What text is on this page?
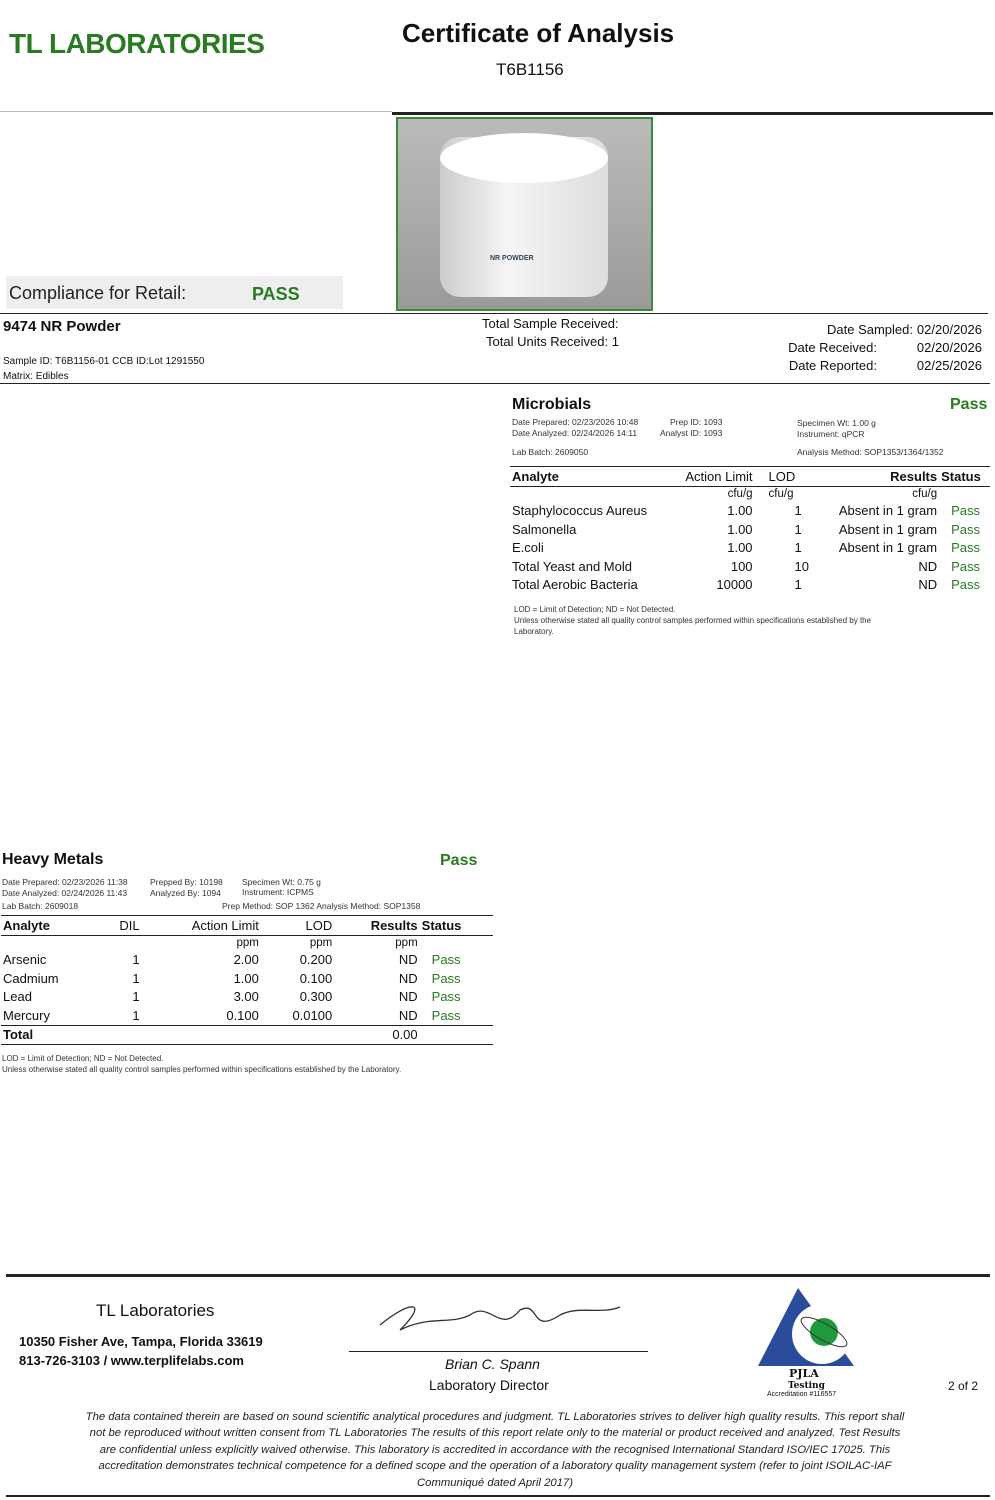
TL LABORATORIES	Certificate of Analysis
T6B1156
NR POWDER
Compliance for Retail:	PASS
9474 NR Powder
Sample ID: T6B1156-01 CCB ID:Lot 1291550
Matrix: Edibles
Total Sample Received:
Total Units Received: 1
Date Sampled: 02/20/2026
Date Received:	02/20/2026
Date Reported:	02/25/2026
Microbials	Pass
Date Prepared: 02/23/2026 10:48
Date Analyzed: 02/24/2026 14:11
Prep ID: 1093
Analyst ID: 1093
Specimen Wt: 1.00 g
Instrument: qPCR
Lab Batch: 2609050	Analysis Method: SOP1353/1364/1352
Analyte	Action Limit	LOD	Results	Status
	cfu/g	cfu/g	cfu/g	
Staphylococcus Aureus	1.00	1	Absent in 1 gram	Pass
Salmonella	1.00	1	Absent in 1 gram	Pass
E.coli	1.00	1	Absent in 1 gram	Pass
Total Yeast and Mold	100	10	ND	Pass
Total Aerobic Bacteria	10000	1	ND	Pass
LOD = Limit of Detection; ND = Not Detected.
Unless otherwise stated all quality control samples performed within specifications established by the
Laboratory.
Heavy Metals	Pass
Date Prepared: 02/23/2026 11:38
Date Analyzed: 02/24/2026 11:43
Prepped By: 10198
Analyzed By: 1094
Specimen Wt: 0.75 g
Instrument: ICPMS
Lab Batch: 2609018	Prep Method: SOP 1362 Analysis Method: SOP1358
Analyte	DIL	Action Limit	LOD	Results	Status
		ppm	ppm	ppm	
Arsenic	1	2.00	0.200	ND	Pass
Cadmium	1	1.00	0.100	ND	Pass
Lead	1	3.00	0.300	ND	Pass
Mercury	1	0.100	0.0100	ND	Pass
Total				0.00	
LOD = Limit of Detection; ND = Not Detected.
Unless otherwise stated all quality control samples performed within specifications established by the Laboratory.
TL Laboratories
10350 Fisher Ave, Tampa, Florida 33619
813-726-3103 / www.terplifelabs.com	Brian C. Spann
Laboratory Director
PJLA
Testing
Accreditation #116557
2 of 2
The data contained therein are based on sound scientific analytical procedures and judgment. TL Laboratories strives to deliver high quality results. This report shall not be reproduced without written consent from TL Laboratories The results of this report relate only to the material or product received and analyzed. Test Results are confidential unless explicitly waived otherwise. This laboratory is accredited in accordance with the recognised International Standard ISO/IEC 17025. This accreditation demonstrates technical competence for a defined scope and the operation of a laboratory quality management system (refer to joint ISOILAC-IAF Communiqué dated April 2017)
